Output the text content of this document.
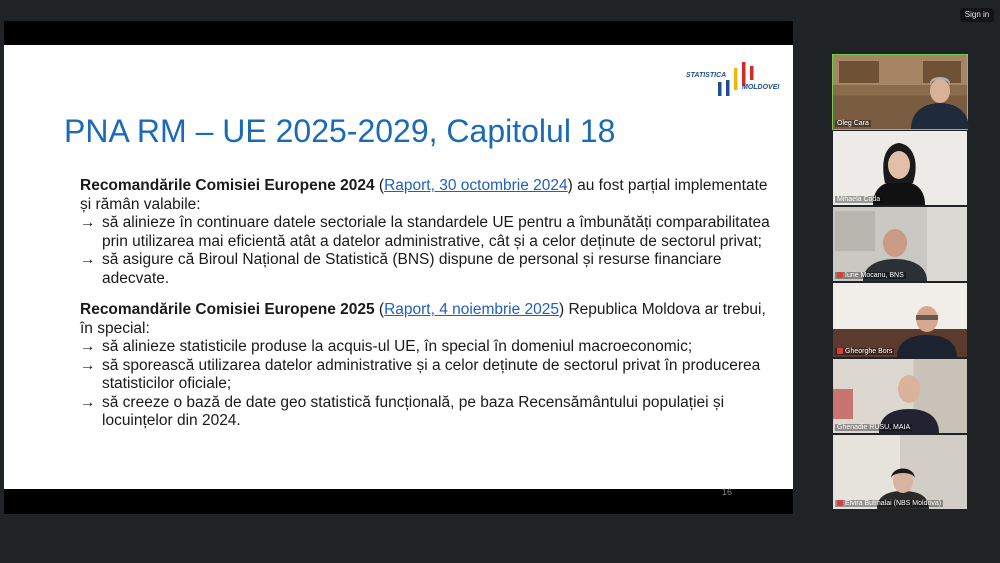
Sign in
STATISTICA
MOLDOVEI
PNA RM – UE 2025-2029, Capitolul 18

Recomandările Comisiei Europene 2024 (Raport, 30 octombrie 2024) au fost parțial implementate și rămân valabile:

→ să alinieze în continuare datele sectoriale la standardele UE pentru a îmbunătăți comparabilitatea prin utilizarea mai eficientă atât a datelor administrative, cât și a celor deținute de sectorul privat;
→ să asigure că Biroul Național de Statistică (BNS) dispune de personal și resurse financiare adecvate.

Recomandările Comisiei Europene 2025 (Raport, 4 noiembrie 2025) Republica Moldova ar trebui, în special:

→ să alinieze statisticile produse la acquis-ul UE, în special în domeniul macroeconomic;
→ să sporească utilizarea datelor administrative și a celor deținute de sectorul privat în producerea statisticilor oficiale;
→ să creeze o bază de date geo statistică funcțională, pe baza Recensământului populației și locuințelor din 2024.
16
Oleg Cara
Mihaela Coda
Iurie Mocanu, BNS
Gheorghe Bors
Ghenadie RUSU, MAIA
Elvira Butmalai (NBS Moldova)
